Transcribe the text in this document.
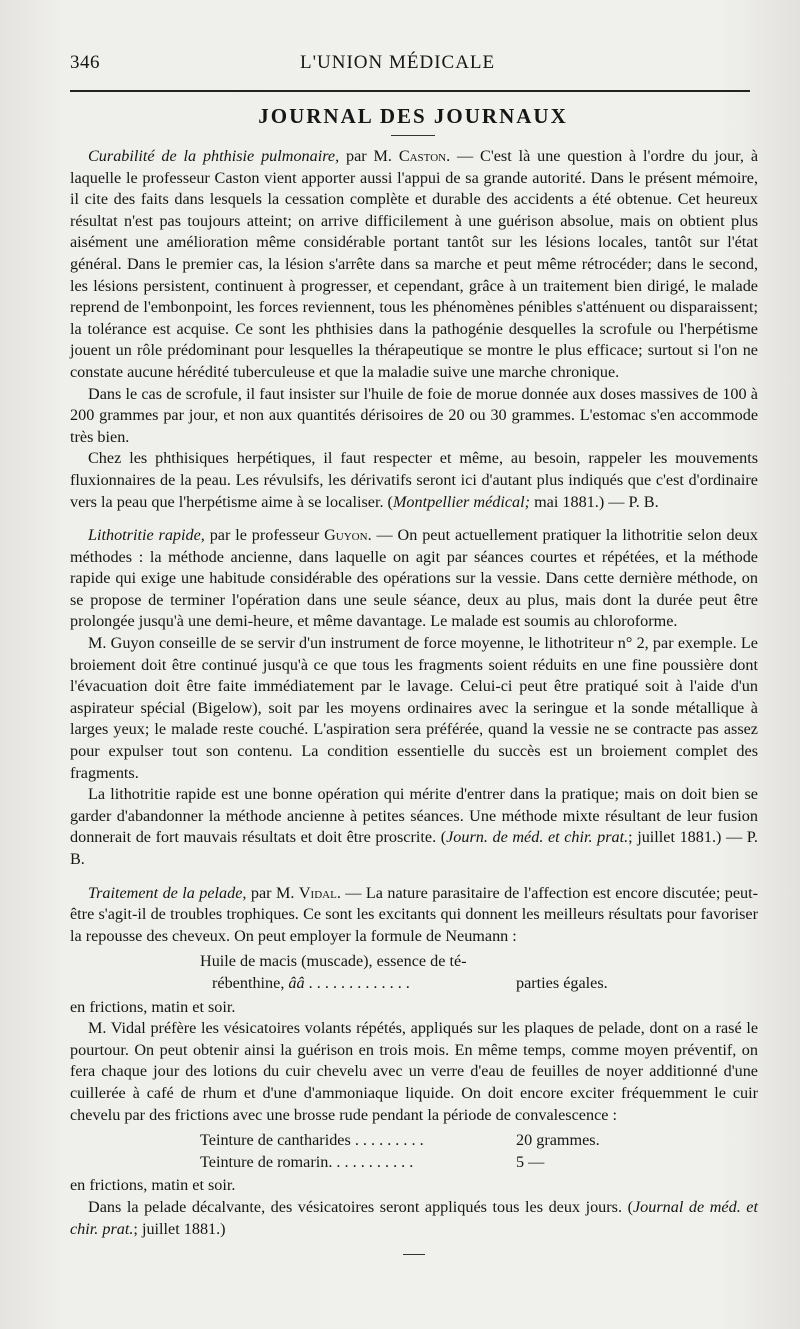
346	L'UNION MÉDICALE
JOURNAL DES JOURNAUX

Curabilité de la phthisie pulmonaire, par M. Caston. — C'est là une question à l'ordre du jour, à laquelle le professeur Caston vient apporter aussi l'appui de sa grande autorité. Dans le présent mémoire, il cite des faits dans lesquels la cessation complète et durable des accidents a été obtenue. Cet heureux résultat n'est pas toujours atteint; on arrive difficilement à une guérison absolue, mais on obtient plus aisément une amélioration même considérable portant tantôt sur les lésions locales, tantôt sur l'état général. Dans le premier cas, la lésion s'arrête dans sa marche et peut même rétrocéder; dans le second, les lésions persistent, continuent à progresser, et cependant, grâce à un traitement bien dirigé, le malade reprend de l'embonpoint, les forces reviennent, tous les phénomènes pénibles s'atténuent ou disparaissent; la tolérance est acquise. Ce sont les phthisies dans la pathogénie desquelles la scrofule ou l'herpétisme jouent un rôle prédominant pour lesquelles la thérapeutique se montre le plus efficace; surtout si l'on ne constate aucune hérédité tuberculeuse et que la maladie suive une marche chronique.

Dans le cas de scrofule, il faut insister sur l'huile de foie de morue donnée aux doses massives de 100 à 200 grammes par jour, et non aux quantités dérisoires de 20 ou 30 grammes. L'estomac s'en accommode très bien.

Chez les phthisiques herpétiques, il faut respecter et même, au besoin, rappeler les mouvements fluxionnaires de la peau. Les révulsifs, les dérivatifs seront ici d'autant plus indiqués que c'est d'ordinaire vers la peau que l'herpétisme aime à se localiser. (Montpellier médical; mai 1881.) — P. B.

Lithotritie rapide, par le professeur Guyon. — On peut actuellement pratiquer la lithotritie selon deux méthodes : la méthode ancienne, dans laquelle on agit par séances courtes et répétées, et la méthode rapide qui exige une habitude considérable des opérations sur la vessie. Dans cette dernière méthode, on se propose de terminer l'opération dans une seule séance, deux au plus, mais dont la durée peut être prolongée jusqu'à une demi-heure, et même davantage. Le malade est soumis au chloroforme.

M. Guyon conseille de se servir d'un instrument de force moyenne, le lithotriteur n° 2, par exemple. Le broiement doit être continué jusqu'à ce que tous les fragments soient réduits en une fine poussière dont l'évacuation doit être faite immédiatement par le lavage. Celui-ci peut être pratiqué soit à l'aide d'un aspirateur spécial (Bigelow), soit par les moyens ordinaires avec la seringue et la sonde métallique à larges yeux; le malade reste couché. L'aspiration sera préférée, quand la vessie ne se contracte pas assez pour expulser tout son contenu. La condition essentielle du succès est un broiement complet des fragments.

La lithotritie rapide est une bonne opération qui mérite d'entrer dans la pratique; mais on doit bien se garder d'abandonner la méthode ancienne à petites séances. Une méthode mixte résultant de leur fusion donnerait de fort mauvais résultats et doit être proscrite. (Journ. de méd. et chir. prat.; juillet 1881.) — P. B.

Traitement de la pelade, par M. Vidal. — La nature parasitaire de l'affection est encore discutée; peut-être s'agit-il de troubles trophiques. Ce sont les excitants qui donnent les meilleurs résultats pour favoriser la repousse des cheveux. On peut employer la formule de Neumann :

Huile de macis (muscade), essence de té-
rébenthine, ââ . . . . . . . . . . . . .	parties égales.

en frictions, matin et soir.

M. Vidal préfère les vésicatoires volants répétés, appliqués sur les plaques de pelade, dont on a rasé le pourtour. On peut obtenir ainsi la guérison en trois mois. En même temps, comme moyen préventif, on fera chaque jour des lotions du cuir chevelu avec un verre d'eau de feuilles de noyer additionné d'une cuillerée à café de rhum et d'une d'ammoniaque liquide. On doit encore exciter fréquemment le cuir chevelu par des frictions avec une brosse rude pendant la période de convalescence :

Teinture de cantharides . . . . . . . . .	20 grammes.
Teinture de romarin. . . . . . . . . . .	5 —

en frictions, matin et soir.

Dans la pelade décalvante, des vésicatoires seront appliqués tous les deux jours. (Journal de méd. et chir. prat.; juillet 1881.)
